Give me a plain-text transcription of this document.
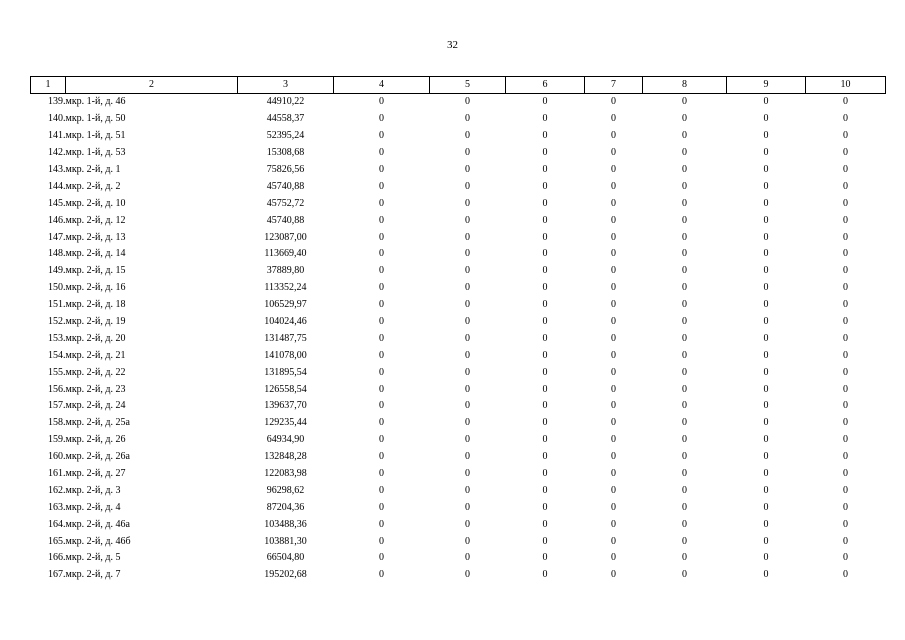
32
1	2	3	4	5	6	7	8	9	10
139.	мкр. 1-й, д. 46	44910,22	0	0	0	0	0	0	0
140.	мкр. 1-й, д. 50	44558,37	0	0	0	0	0	0	0
141.	мкр. 1-й, д. 51	52395,24	0	0	0	0	0	0	0
142.	мкр. 1-й, д. 53	15308,68	0	0	0	0	0	0	0
143.	мкр. 2-й, д. 1	75826,56	0	0	0	0	0	0	0
144.	мкр. 2-й, д. 2	45740,88	0	0	0	0	0	0	0
145.	мкр. 2-й, д. 10	45752,72	0	0	0	0	0	0	0
146.	мкр. 2-й, д. 12	45740,88	0	0	0	0	0	0	0
147.	мкр. 2-й, д. 13	123087,00	0	0	0	0	0	0	0
148.	мкр. 2-й, д. 14	113669,40	0	0	0	0	0	0	0
149.	мкр. 2-й, д. 15	37889,80	0	0	0	0	0	0	0
150.	мкр. 2-й, д. 16	113352,24	0	0	0	0	0	0	0
151.	мкр. 2-й, д. 18	106529,97	0	0	0	0	0	0	0
152.	мкр. 2-й, д. 19	104024,46	0	0	0	0	0	0	0
153.	мкр. 2-й, д. 20	131487,75	0	0	0	0	0	0	0
154.	мкр. 2-й, д. 21	141078,00	0	0	0	0	0	0	0
155.	мкр. 2-й, д. 22	131895,54	0	0	0	0	0	0	0
156.	мкр. 2-й, д. 23	126558,54	0	0	0	0	0	0	0
157.	мкр. 2-й, д. 24	139637,70	0	0	0	0	0	0	0
158.	мкр. 2-й, д. 25а	129235,44	0	0	0	0	0	0	0
159.	мкр. 2-й, д. 26	64934,90	0	0	0	0	0	0	0
160.	мкр. 2-й, д. 26а	132848,28	0	0	0	0	0	0	0
161.	мкр. 2-й, д. 27	122083,98	0	0	0	0	0	0	0
162.	мкр. 2-й, д. 3	96298,62	0	0	0	0	0	0	0
163.	мкр. 2-й, д. 4	87204,36	0	0	0	0	0	0	0
164.	мкр. 2-й, д. 46а	103488,36	0	0	0	0	0	0	0
165.	мкр. 2-й, д. 46б	103881,30	0	0	0	0	0	0	0
166.	мкр. 2-й, д. 5	66504,80	0	0	0	0	0	0	0
167.	мкр. 2-й, д. 7	195202,68	0	0	0	0	0	0	0
